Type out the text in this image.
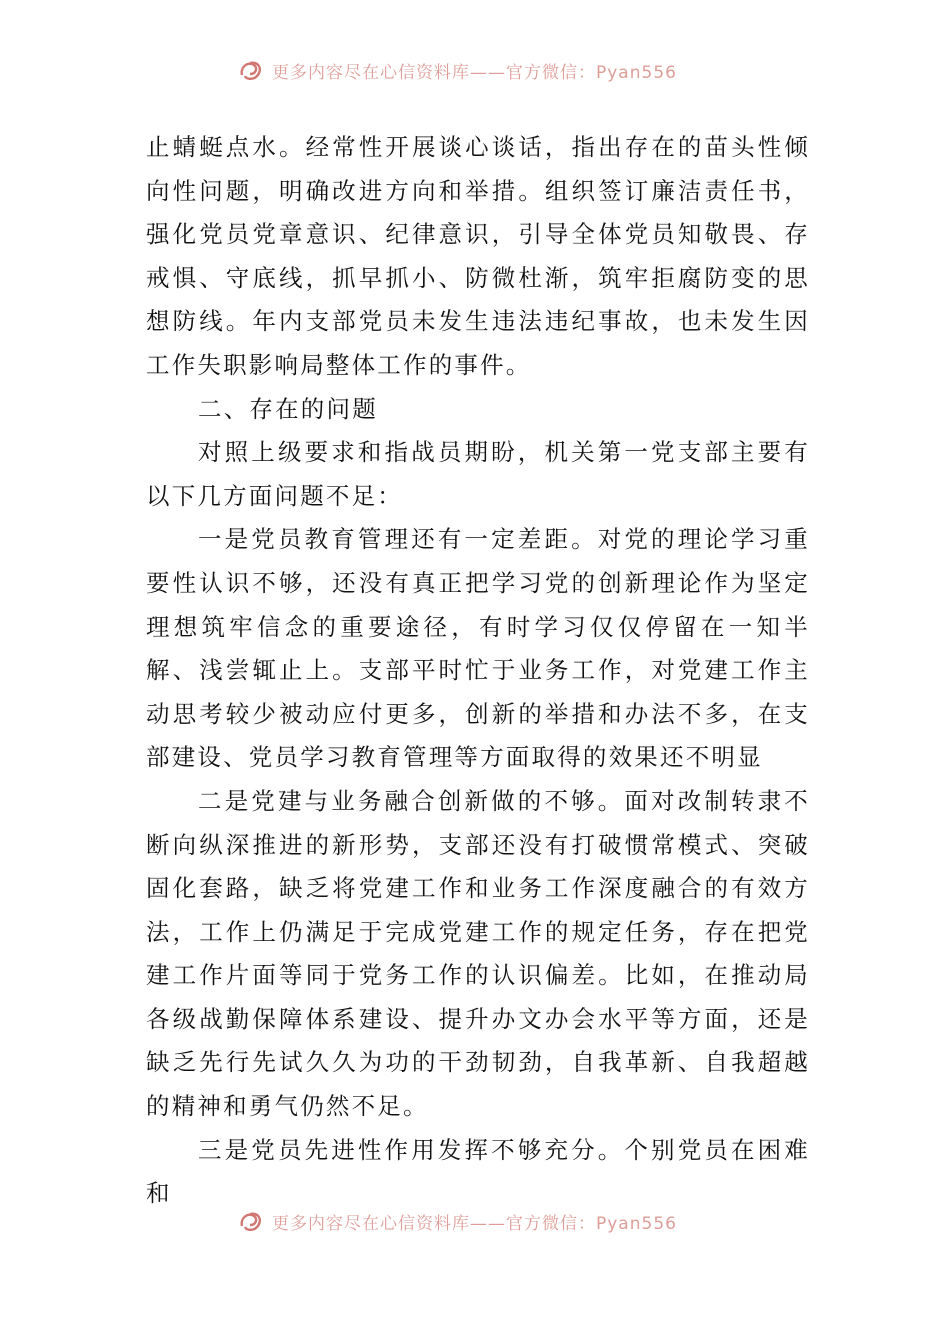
更多内容尽在心信资料库——官方微信：Pyan556

止蜻蜓点水。经常性开展谈心谈话，指出存在的苗头性倾向性问题，明确改进方向和举措。组织签订廉洁责任书，强化党员党章意识、纪律意识，引导全体党员知敬畏、存戒惧、守底线，抓早抓小、防微杜渐，筑牢拒腐防变的思想防线。年内支部党员未发生违法违纪事故，也未发生因工作失职影响局整体工作的事件。

二、存在的问题

对照上级要求和指战员期盼，机关第一党支部主要有以下几方面问题不足：

一是党员教育管理还有一定差距。对党的理论学习重要性认识不够，还没有真正把学习党的创新理论作为坚定理想筑牢信念的重要途径，有时学习仅仅停留在一知半解、浅尝辄止上。支部平时忙于业务工作，对党建工作主动思考较少被动应付更多，创新的举措和办法不多，在支部建设、党员学习教育管理等方面取得的效果还不明显

二是党建与业务融合创新做的不够。面对改制转隶不断向纵深推进的新形势，支部还没有打破惯常模式、突破固化套路，缺乏将党建工作和业务工作深度融合的有效方法，工作上仍满足于完成党建工作的规定任务，存在把党建工作片面等同于党务工作的认识偏差。比如，在推动局各级战勤保障体系建设、提升办文办会水平等方面，还是缺乏先行先试久久为功的干劲韧劲，自我革新、自我超越的精神和勇气仍然不足。

三是党员先进性作用发挥不够充分。个别党员在困难和

更多内容尽在心信资料库——官方微信：Pyan556
